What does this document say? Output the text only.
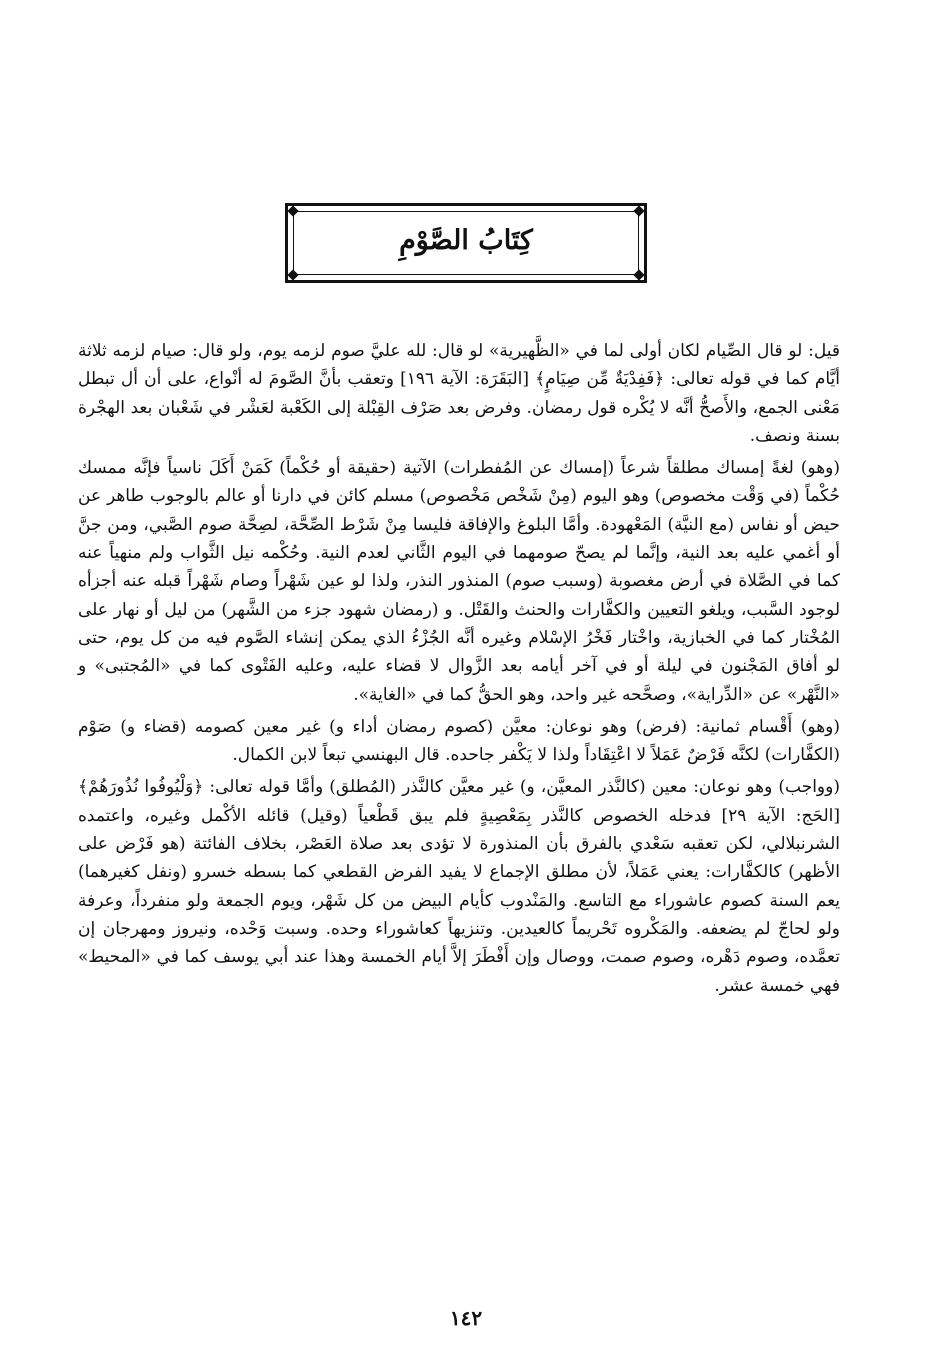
كِتَابُ الصَّوْمِ

قيل: لو قال الصِّيام لكان أولى لما في «الظَّهيرية» لو قال: لله عليَّ صوم لزمه يوم، ولو قال: صيام لزمه ثلاثة أيَّام كما في قوله تعالى: ﴿فَفِدْيَةٌ مِّن صِيَامٍ﴾ [البَقَرَة: الآية ١٩٦] وتعقب بأنَّ الصَّومَ له أنْواع، على أن أل تبطل مَعْنى الجمع، والأَصحُّ أنَّه لا يُكْره قول رمضان. وفرض بعد صَرْف القِبْلة إلى الكَعْبة لعَشْر في شَعْبان بعد الهجْرة بسنة ونصف.

(وهو) لغةً إمساك مطلقاً شرعاً (إمساك عن المُفطرات) الآتية (حقيقة أو حُكْماً) كَمَنْ أَكَلَ ناسياً فإنَّه ممسك حُكْماً (في وَقْت مخصوص) وهو اليوم (مِنْ شَخْص مَخْصوص) مسلم كائن في دارنا أو عالم بالوجوب طاهر عن حيض أو نفاس (مع النيَّة) المَعْهودة. وأمَّا البلوغ والإفاقة فليسا مِنْ شَرْط الصِّحَّة، لصِحَّة صوم الصَّبي، ومن جنَّ أو أغمي عليه بعد النية، وإنَّما لم يصحّ صومهما في اليوم الثَّاني لعدم النية. وحُكْمه نيل الثَّواب ولم منهياً عنه كما في الصَّلاة في أرض مغصوبة (وسبب صوم) المنذور النذر، ولذا لو عين شَهْراً وصام شَهْراً قبله عنه أجزأه لوجود السَّبب، ويلغو التعيين والكفَّارات والحنث والقَتْل. و (رمضان شهود جزء من الشَّهر) من ليل أو نهار على المُخْتار كما في الخبازية، واخْتار فَخْرُ الإسْلام وغيره أنَّه الجُزْءُ الذي يمكن إنشاء الصَّوم فيه من كل يوم، حتى لو أفاق المَجْنون في ليلة أو في آخر أيامه بعد الزَّوال لا قضاء عليه، وعليه الفَتْوى كما في «المُجتبى» و «النَّهْر» عن «الدِّراية»، وصحَّحه غير واحد، وهو الحقُّ كما في «الغاية».

(وهو) أَقْسام ثمانية: (فرض) وهو نوعان: معيَّن (كصوم رمضان أداء و) غير معين كصومه (قضاء و) صَوْم (الكفَّارات) لكنَّه فَرْضٌ عَمَلاً لا اعْتِقَاداً ولذا لا يَكْفر جاحده. قال البهنسي تبعاً لابن الكمال.

(وواجب) وهو نوعان: معين (كالنَّذر المعيَّن، و) غير معيَّن كالنَّذر (المُطلق) وأمَّا قوله تعالى: ﴿وَلْيُوفُوا نُذُورَهُمْ﴾ [الحَج: الآية ٢٩] فدخله الخصوص كالنَّذر بِمَعْصِيةٍ فلم يبق قَطْعياً (وقيل) قائله الأكْمل وغيره، واعتمده الشرنبلالي، لكن تعقبه سَعْدي بالفرق بأن المنذورة لا تؤدى بعد صلاة العَصْر، بخلاف الفائتة (هو فَرْض على الأظهر) كالكفَّارات: يعني عَمَلاً، لأن مطلق الإجماع لا يفيد الفرض القطعي كما بسطه خسرو (ونفل كغيرهما) يعم السنة كصوم عاشوراء مع التاسع. والمَنْدوب كأيام البيض من كل شَهْر، ويوم الجمعة ولو منفرداً، وعرفة ولو لحاجّ لم يضعفه. والمَكْروه تَحْريماً كالعيدين. وتنزيهاً كعاشوراء وحده. وسبت وَحْده، ونيروز ومهرجان إن تعمَّده، وصوم دَهْره، وصوم صمت، ووصال وإن أَفْطَرَ إلاَّ أيام الخمسة وهذا عند أبي يوسف كما في «المحيط» فهي خمسة عشر.

١٤٢
